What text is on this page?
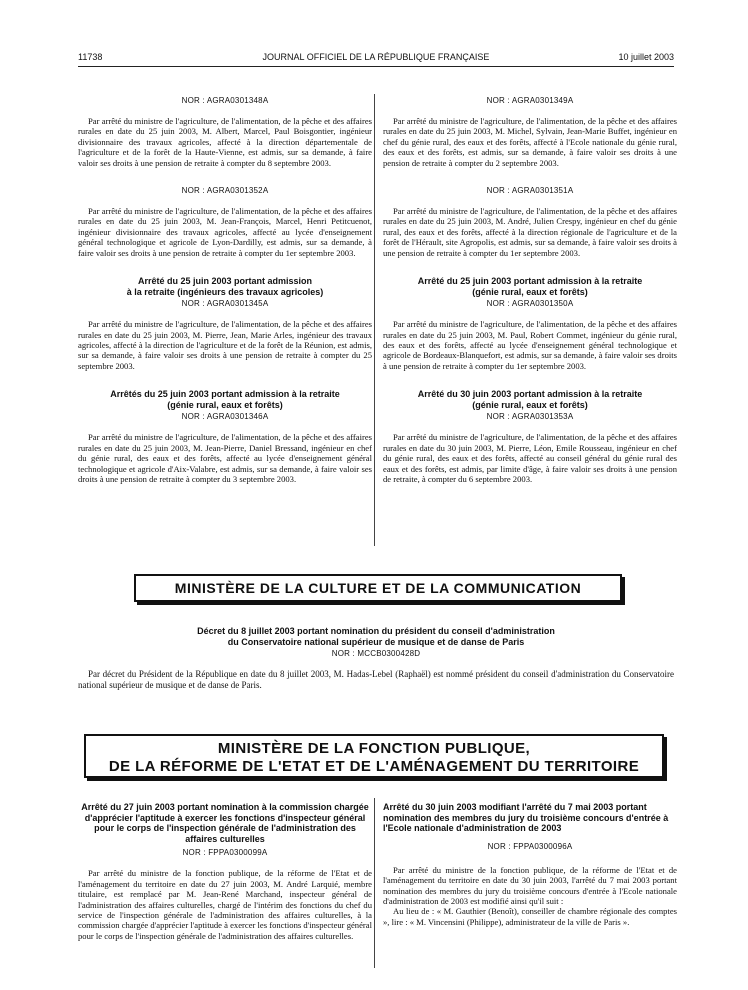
11738	JOURNAL OFFICIEL DE LA RÉPUBLIQUE FRANÇAISE	10 juillet 2003
NOR : AGRA0301348A

Par arrêté du ministre de l'agriculture, de l'alimentation, de la pêche et des affaires rurales en date du 25 juin 2003, M. Albert, Marcel, Paul Boisgontier, ingénieur divisionnaire des travaux agricoles, affecté à la direction départementale de l'agriculture et de la forêt de la Haute-Vienne, est admis, sur sa demande, à faire valoir ses droits à une pension de retraite à compter du 8 septembre 2003.

NOR : AGRA0301352A

Par arrêté du ministre de l'agriculture, de l'alimentation, de la pêche et des affaires rurales en date du 25 juin 2003, M. Jean-François, Marcel, Henri Petitcuenot, ingénieur divisionnaire des travaux agricoles, affecté au lycée d'enseignement général technologique et agricole de Lyon-Dardilly, est admis, sur sa demande, à faire valoir ses droits à une pension de retraite à compter du 1er septembre 2003.

Arrêté du 25 juin 2003 portant admission
à la retraite (ingénieurs des travaux agricoles)
NOR : AGRA0301345A

Par arrêté du ministre de l'agriculture, de l'alimentation, de la pêche et des affaires rurales en date du 25 juin 2003, M. Pierre, Jean, Marie Arles, ingénieur des travaux agricoles, affecté à la direction de l'agriculture et de la forêt de la Réunion, est admis, sur sa demande, à faire valoir ses droits à une pension de retraite à compter du 25 septembre 2003.

Arrêtés du 25 juin 2003 portant admission à la retraite
(génie rural, eaux et forêts)
NOR : AGRA0301346A

Par arrêté du ministre de l'agriculture, de l'alimentation, de la pêche et des affaires rurales en date du 25 juin 2003, M. Jean-Pierre, Daniel Bressand, ingénieur en chef du génie rural, des eaux et des forêts, affecté au lycée d'enseignement général technologique et agricole d'Aix-Valabre, est admis, sur sa demande, à faire valoir ses droits à une pension de retraite à compter du 3 septembre 2003.

NOR : AGRA0301349A

Par arrêté du ministre de l'agriculture, de l'alimentation, de la pêche et des affaires rurales en date du 25 juin 2003, M. Michel, Sylvain, Jean-Marie Buffet, ingénieur en chef du génie rural, des eaux et des forêts, affecté à l'Ecole nationale du génie rural, des eaux et des forêts, est admis, sur sa demande, à faire valoir ses droits à une pension de retraite à compter du 2 septembre 2003.

NOR : AGRA0301351A

Par arrêté du ministre de l'agriculture, de l'alimentation, de la pêche et des affaires rurales en date du 25 juin 2003, M. André, Julien Crespy, ingénieur en chef du génie rural, des eaux et des forêts, affecté à la direction régionale de l'agriculture et de la forêt de l'Hérault, site Agropolis, est admis, sur sa demande, à faire valoir ses droits à une pension de retraite à compter du 1er septembre 2003.

Arrêté du 25 juin 2003 portant admission à la retraite
(génie rural, eaux et forêts)
NOR : AGRA0301350A

Par arrêté du ministre de l'agriculture, de l'alimentation, de la pêche et des affaires rurales en date du 25 juin 2003, M. Paul, Robert Commet, ingénieur du génie rural, des eaux et des forêts, affecté au lycée d'enseignement général technologique et agricole de Bordeaux-Blanquefort, est admis, sur sa demande, à faire valoir ses droits à une pension de retraite à compter du 1er septembre 2003.

Arrêté du 30 juin 2003 portant admission à la retraite
(génie rural, eaux et forêts)
NOR : AGRA0301353A

Par arrêté du ministre de l'agriculture, de l'alimentation, de la pêche et des affaires rurales en date du 30 juin 2003, M. Pierre, Léon, Emile Rousseau, ingénieur en chef du génie rural, des eaux et des forêts, affecté au conseil général du génie rural des eaux et des forêts, est admis, par limite d'âge, à faire valoir ses droits à une pension de retraite, à compter du 6 septembre 2003.

MINISTÈRE DE LA CULTURE ET DE LA COMMUNICATION
Décret du 8 juillet 2003 portant nomination du président du conseil d'administration
du Conservatoire national supérieur de musique et de danse de Paris
NOR : MCCB0300428D

Par décret du Président de la République en date du 8 juillet 2003, M. Hadas-Lebel (Raphaël) est nommé président du conseil d'administration du Conservatoire national supérieur de musique et de danse de Paris.

MINISTÈRE DE LA FONCTION PUBLIQUE,
DE LA RÉFORME DE L'ETAT ET DE L'AMÉNAGEMENT DU TERRITOIRE
Arrêté du 27 juin 2003 portant nomination à la commission chargée d'apprécier l'aptitude à exercer les fonctions d'inspecteur général pour le corps de l'inspection générale de l'administration des affaires culturelles
NOR : FPPA0300099A

Par arrêté du ministre de la fonction publique, de la réforme de l'Etat et de l'aménagement du territoire en date du 27 juin 2003, M. André Larquié, membre titulaire, est remplacé par M. Jean-René Marchand, inspecteur général de l'administration des affaires culturelles, chargé de l'intérim des fonctions du chef du service de l'inspection générale de l'administration des affaires culturelles, à la commission chargée d'apprécier l'aptitude à exercer les fonctions d'inspecteur général pour le corps de l'inspection générale de l'administration des affaires culturelles.

Arrêté du 30 juin 2003 modifiant l'arrêté du 7 mai 2003 portant nomination des membres du jury du troisième concours d'entrée à l'Ecole nationale d'administration de 2003
NOR : FPPA0300096A

Par arrêté du ministre de la fonction publique, de la réforme de l'Etat et de l'aménagement du territoire en date du 30 juin 2003, l'arrêté du 7 mai 2003 portant nomination des membres du jury du troisième concours d'entrée à l'Ecole nationale d'administration de 2003 est modifié ainsi qu'il suit :

Au lieu de : « M. Gauthier (Benoît), conseiller de chambre régionale des comptes », lire : « M. Vincensini (Philippe), administrateur de la ville de Paris ».
